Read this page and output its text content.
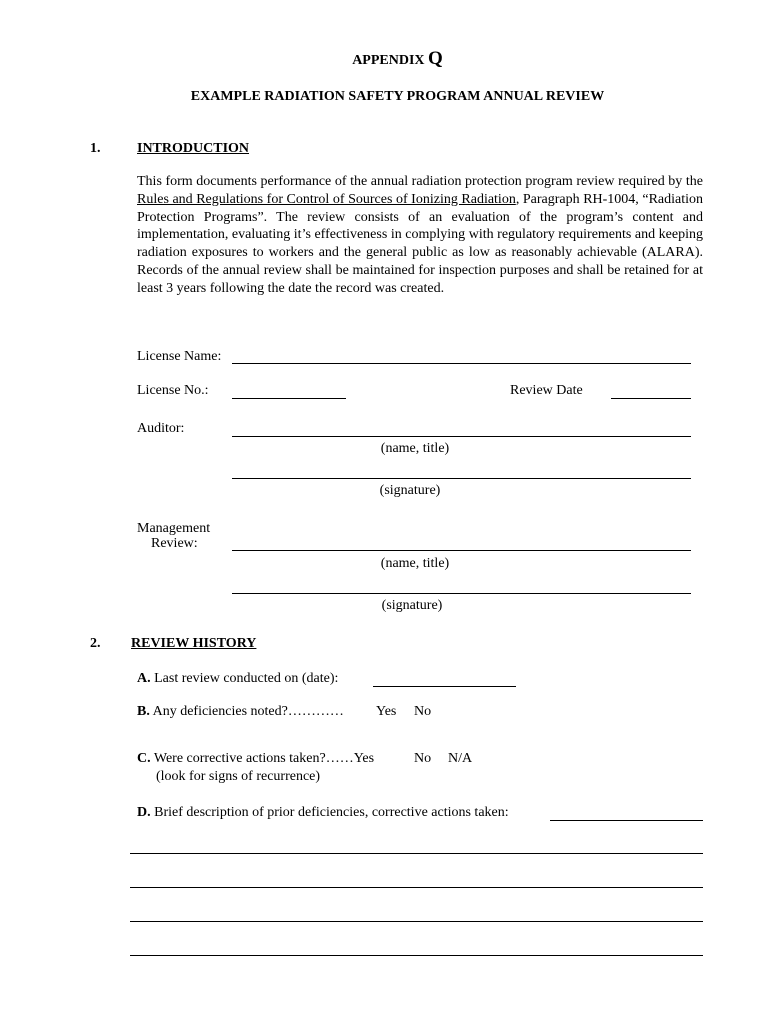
APPENDIX Q
EXAMPLE RADIATION SAFETY PROGRAM ANNUAL REVIEW
1.	INTRODUCTION
This form documents performance of the annual radiation protection program review required by the Rules and Regulations for Control of Sources of Ionizing Radiation, Paragraph RH-1004, “Radiation Protection Programs”. The review consists of an evaluation of the program’s content and implementation, evaluating it’s effectiveness in complying with regulatory requirements and keeping radiation exposures to workers and the general public as low as reasonably achievable (ALARA). Records of the annual review shall be maintained for inspection purposes and shall be retained for at least 3 years following the date the record was created.
License Name:
License No.:	Review Date
Auditor:
(name, title)
(signature)
Management
Review:
(name, title)
(signature)
2. REVIEW HISTORY
A. Last review conducted on (date):
B. Any deficiencies noted?………… Yes No
C. Were corrective actions taken?……Yes	No N/A
(look for signs of recurrence)
D. Brief description of prior deficiencies, corrective actions taken:
